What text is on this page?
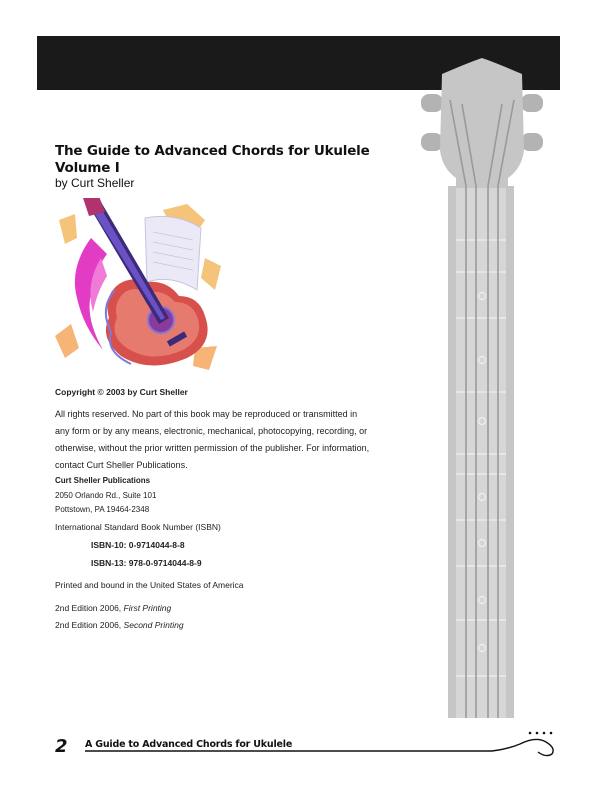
The Guide to Advanced Chords for Ukulele
Volume I
by Curt Sheller
Copyright © 2003 by Curt Sheller
All rights reserved. No part of this book may be reproduced or transmitted in
any form or by any means, electronic, mechanical, photocopying, recording, or
otherwise, without the prior written permission of the publisher. For information,
contact Curt Sheller Publications.
Curt Sheller Publications
2050 Orlando Rd., Suite 101
Pottstown, PA 19464-2348
International Standard Book Number (ISBN)
ISBN-10: 0-9714044-8-8
ISBN-13: 978-0-9714044-8-9
Printed and bound in the United States of America
2nd Edition 2006, First Printing
2nd Edition 2006, Second Printing
2 A Guide to Advanced Chords for Ukulele
